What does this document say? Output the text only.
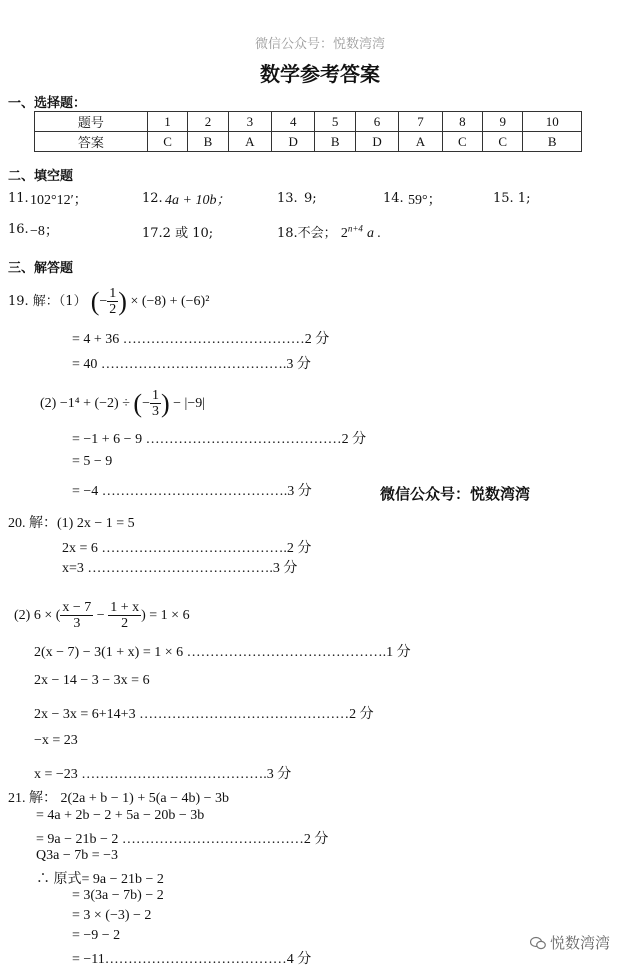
微信公众号：悦数湾湾
数学参考答案
一、选择题：
题号	1	2	3	4	5	6	7	8	9	10
答案	C	B	A	D	B	D	A	C	C	B
二、填空题
11. 102°12′；	12. 4a + 10b；	13. 9;	14. 59°；	15. 1;
16. −8；	17.2 或 10;	18.不会； $2^{n+4}$ a .
三、解答题
19. 解：（1） (− $\frac{1}{2}$ ) × (−8) + (−6)²
= 4 + 36 …………………………………2 分
= 40 ………………………………….3 分
(2) −1⁴ + (−2) ÷ (− $\frac{1}{3}$ ) − |−9|
= −1 + 6 − 9 ……………………………………2 分
= 5 − 9
= −4 ………………………………….3 分	微信公众号：悦数湾湾
20. 解：(1) 2x − 1 = 5
2x = 6 ………………………………….2 分
x=3 ………………………………….3 分
(2) 6 × ( $\frac{x - 7}{3} - \frac{1 + x}{2}$ ) = 1 × 6
2(x − 7) − 3(1 + x) = 1 × 6 …………………………………….1 分
2x − 14 − 3 − 3x = 6
2x − 3x = 6+14+3 ………………………………………2 分
−x = 23
x = −23 ………………………………….3 分
21. 解： 2(2a + b − 1) + 5(a − 4b) − 3b
= 4a + 2b − 2 + 5a − 20b − 3b
= 9a − 21b − 2 …………………………………2 分
Q3a − 7b = −3
∴ 原式= 9a − 21b − 2
= 3(3a − 7b) − 2
= 3 × (−3) − 2
= −9 − 2
= −11…………………………………4 分
悦数湾湾
